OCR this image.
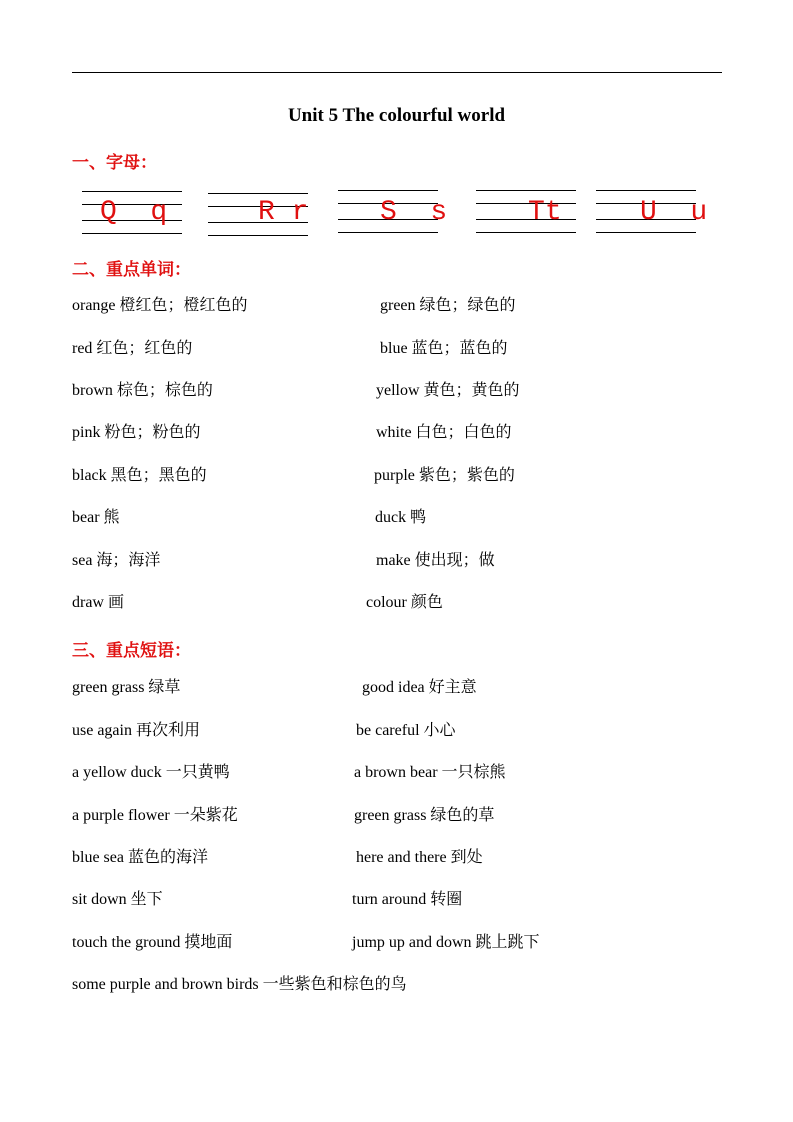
Unit 5 The colourful world
一、字母：
Q q	R r	S s	Tt	U u
二、重点单词：
orange 橙红色；橙红色的	green 绿色；绿色的
red 红色；红色的	blue 蓝色；蓝色的
brown 棕色；棕色的	yellow 黄色；黄色的
pink 粉色；粉色的	white 白色；白色的
black 黑色；黑色的	purple 紫色；紫色的
bear 熊	duck 鸭
sea 海；海洋	make 使出现；做
draw 画	colour 颜色
三、重点短语：
green grass 绿草	good idea 好主意
use again 再次利用	be careful 小心
a yellow duck 一只黄鸭	a brown bear 一只棕熊
a purple flower 一朵紫花	green grass 绿色的草
blue sea 蓝色的海洋	here and there 到处
sit down 坐下	turn around 转圈
touch the ground 摸地面	jump up and down 跳上跳下
some purple and brown birds 一些紫色和棕色的鸟
